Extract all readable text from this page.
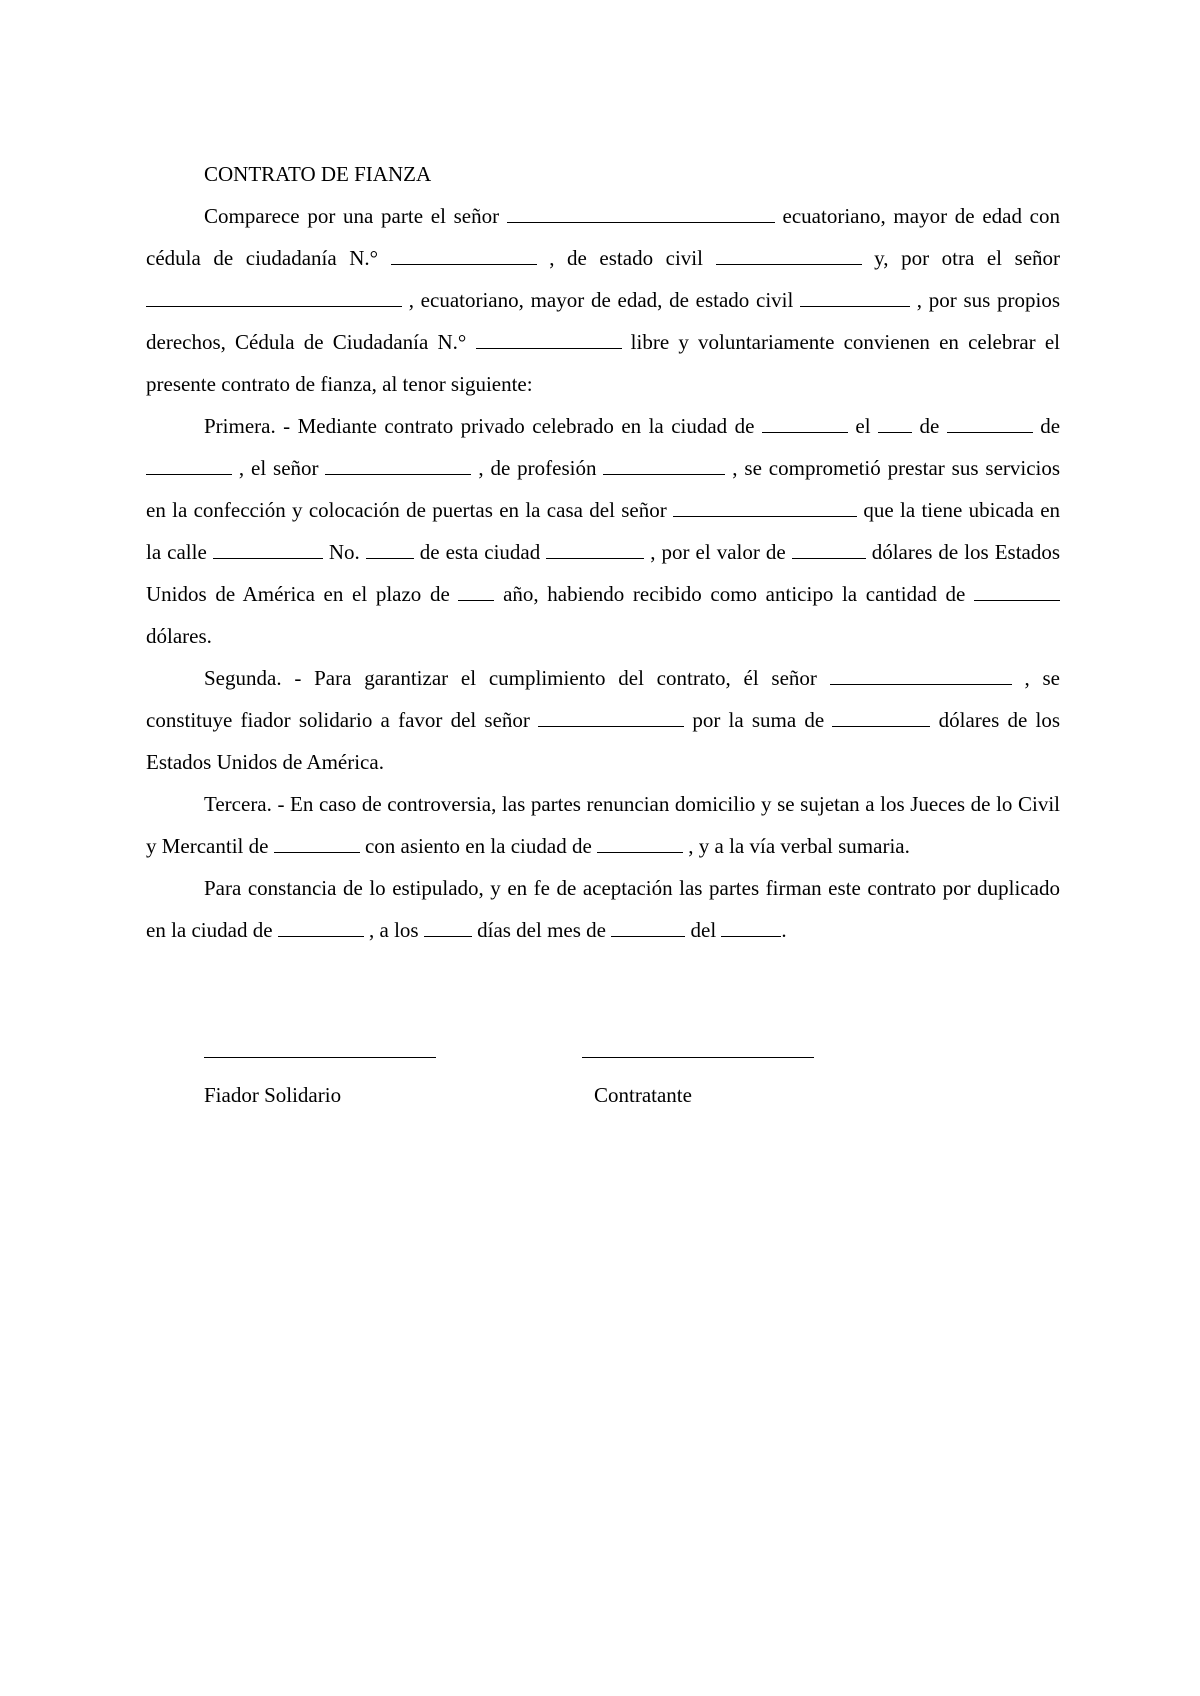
CONTRATO DE FIANZA

Comparece por una parte el señor	ecuatoriano, mayor de edad con cédula de ciudadanía N.°	, de estado civil	y, por otra el señor  , ecuatoriano, mayor de edad, de estado civil	, por sus propios derechos, Cédula de Ciudadanía N.°	libre y voluntariamente convienen en celebrar el presente contrato de fianza, al tenor siguiente:

Primera. - Mediante contrato privado celebrado en la ciudad de	el de	de  , el señor	, de profesión	, se comprometió prestar sus servicios en la confección y colocación de puertas en la casa del señor	que la tiene ubicada en la calle	No.	de esta ciudad	, por el valor de	dólares de los Estados Unidos de América en el plazo de	año, habiendo recibido como anticipo la cantidad de  dólares.

Segunda. - Para garantizar el cumplimiento del contrato, él señor	, se constituye fiador solidario a favor del señor	por la suma de	dólares de los Estados Unidos de América.

Tercera. - En caso de controversia, las partes renuncian domicilio y se sujetan a los Jueces de lo Civil y Mercantil de	con asiento en la ciudad de	, y a la vía verbal sumaria.

Para constancia de lo estipulado, y en fe de aceptación las partes firman este contrato por duplicado en la ciudad de	, a los	días del mes de	del	.

Fiador Solidario	Contratante
